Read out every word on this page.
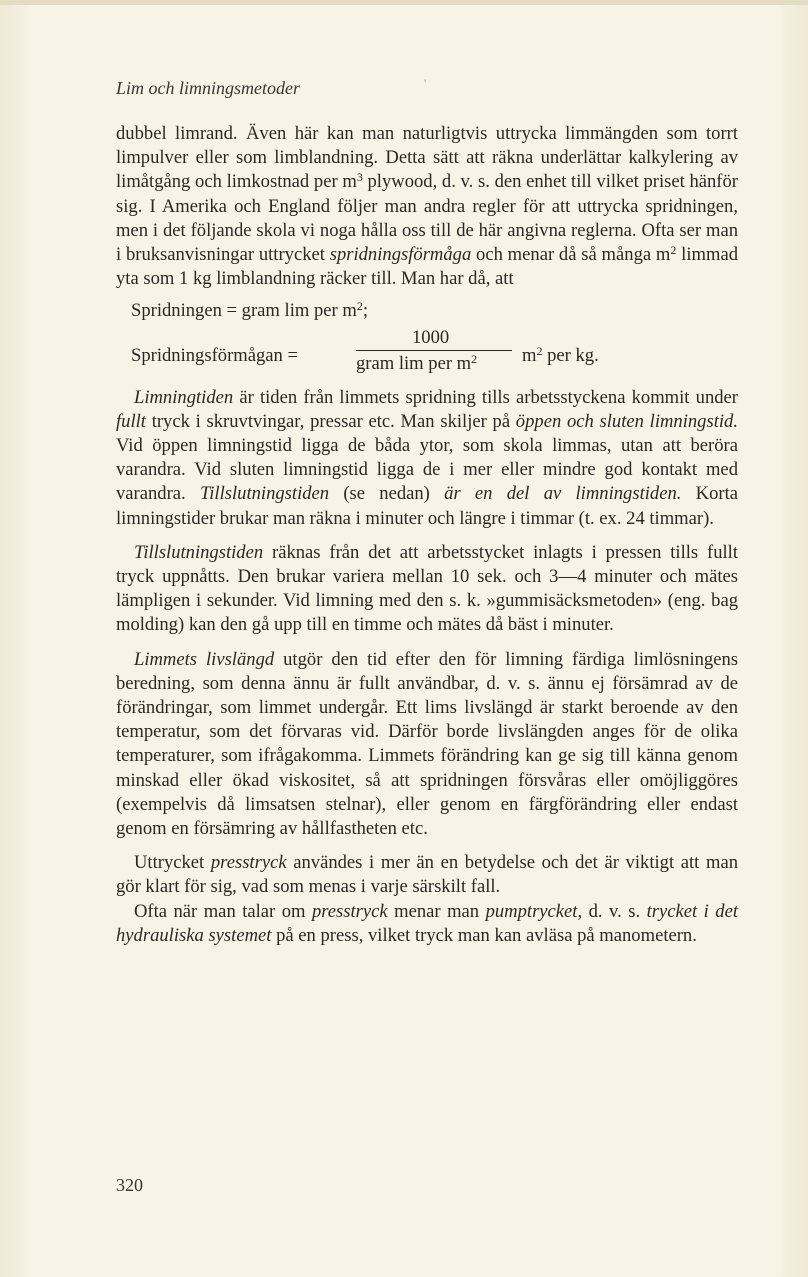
Lim och limningsmetoder	'

dubbel limrand. Även här kan man naturligtvis uttrycka limmängden som torrt limpulver eller som limblandning. Detta sätt att räkna underlättar kalkylering av limåtgång och limkostnad per $m^3$ plywood, d. v. s. den enhet till vilket priset hänför sig. I Amerika och England följer man andra regler för att uttrycka spridningen, men i det följande skola vi noga hålla oss till de här angivna reglerna. Ofta ser man i bruksanvisningar uttrycket spridningsförmåga och menar då så många $m^2$ limmad yta som 1 kg limblandning räcker till. Man har då, att

Spridningen = gram lim per $m^2$;
Spridningsförmågan =
1000
gram lim per $m^2$ $m^2$ per kg.

Limningtiden är tiden från limmets spridning tills arbetsstyckena kommit under fullt tryck i skruvtvingar, pressar etc. Man skiljer på öppen och sluten limningstid. Vid öppen limningstid ligga de båda ytor, som skola limmas, utan att beröra varandra. Vid sluten limningstid ligga de i mer eller mindre god kontakt med varandra. Tillslutningstiden (se nedan) är en del av limningstiden. Korta limningstider brukar man räkna i minuter och längre i timmar (t. ex. 24 timmar).

Tillslutningstiden räknas från det att arbetsstycket inlagts i pressen tills fullt tryck uppnåtts. Den brukar variera mellan 10 sek. och 3—4 minuter och mätes lämpligen i sekunder. Vid limning med den s. k. »gummisäcksmetoden» (eng. bag molding) kan den gå upp till en timme och mätes då bäst i minuter.

Limmets livslängd utgör den tid efter den för limning färdiga limlösningens beredning, som denna ännu är fullt användbar, d. v. s. ännu ej försämrad av de förändringar, som limmet undergår. Ett lims livslängd är starkt beroende av den temperatur, som det förvaras vid. Därför borde livslängden anges för de olika temperaturer, som ifrågakomma. Limmets förändring kan ge sig till känna genom minskad eller ökad viskositet, så att spridningen försvåras eller omöjliggöres (exempelvis då limsatsen stelnar), eller genom en färgförändring eller endast genom en försämring av hållfastheten etc.

Uttrycket presstryck användes i mer än en betydelse och det är viktigt att man gör klart för sig, vad som menas i varje särskilt fall.

Ofta när man talar om presstryck menar man pumptrycket, d. v. s. trycket i det hydrauliska systemet på en press, vilket tryck man kan avläsa på manometern.

320
